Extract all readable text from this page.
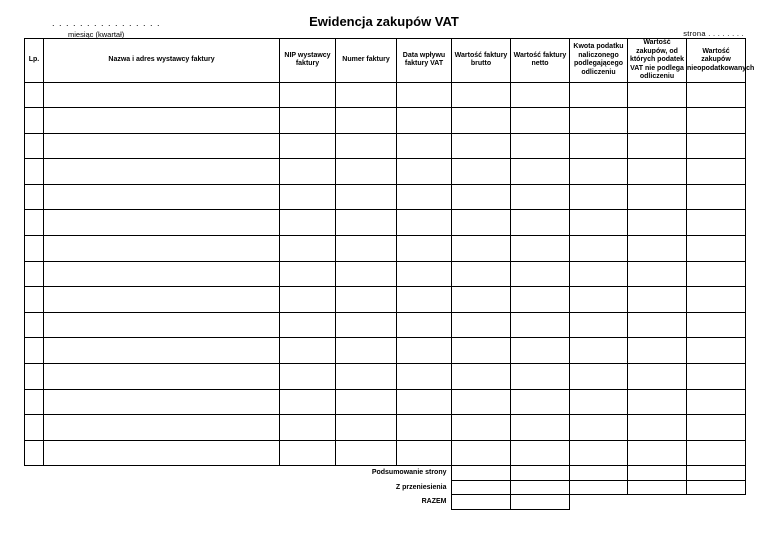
. . . . . . . . . . . . . . . .
miesiąc (kwartał)
Ewidencja zakupów VAT
strona . . . . . . . .
Lp.	Nazwa i adres wystawcy faktury	NIP wystawcy faktury	Numer faktury	Data wpływu faktury VAT	Wartość faktury brutto	Wartość faktury netto	Kwota podatku naliczonego podlegającego odliczeniu	Wartość zakupów, od których podatek VAT nie podlega odliczeniu	Wartość zakupów nieopodatkowanych

Podsumowanie strony					
Z przeniesienia					
RAZEM					
